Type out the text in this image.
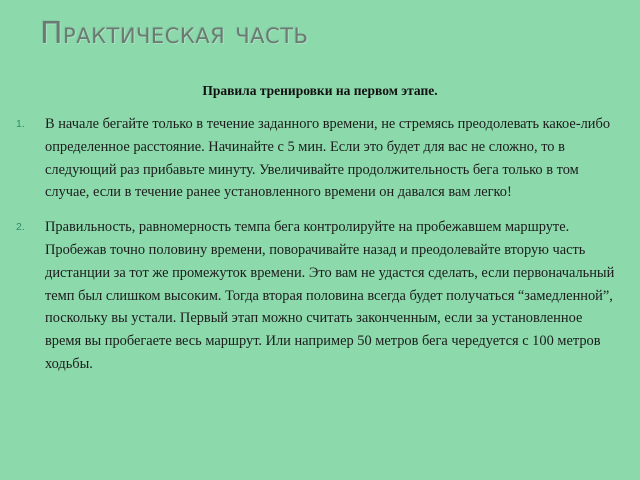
Практическая часть
Правила тренировки на первом этапе.
1. В начале бегайте только в течение заданного времени, не стремясь преодолевать какое-либо определенное расстояние. Начинайте с 5 мин. Если это будет для вас не сложно, то в следующий раз прибавьте минуту. Увеличивайте продолжительность бега только в том случае, если в течение ранее установленного времени он давался вам легко!
2. Правильность, равномерность темпа бега контролируйте на пробежавшем маршруте. Пробежав точно половину времени, поворачивайте назад и преодолевайте вторую часть дистанции за тот же промежуток времени. Это вам не удастся сделать, если первоначальный темп был слишком высоким. Тогда вторая половина всегда будет получаться “замедленной”, поскольку вы устали. Первый этап можно считать законченным, если за установленное время вы пробегаете весь маршрут. Или например 50 метров бега чередуется с 100 метров ходьбы.
